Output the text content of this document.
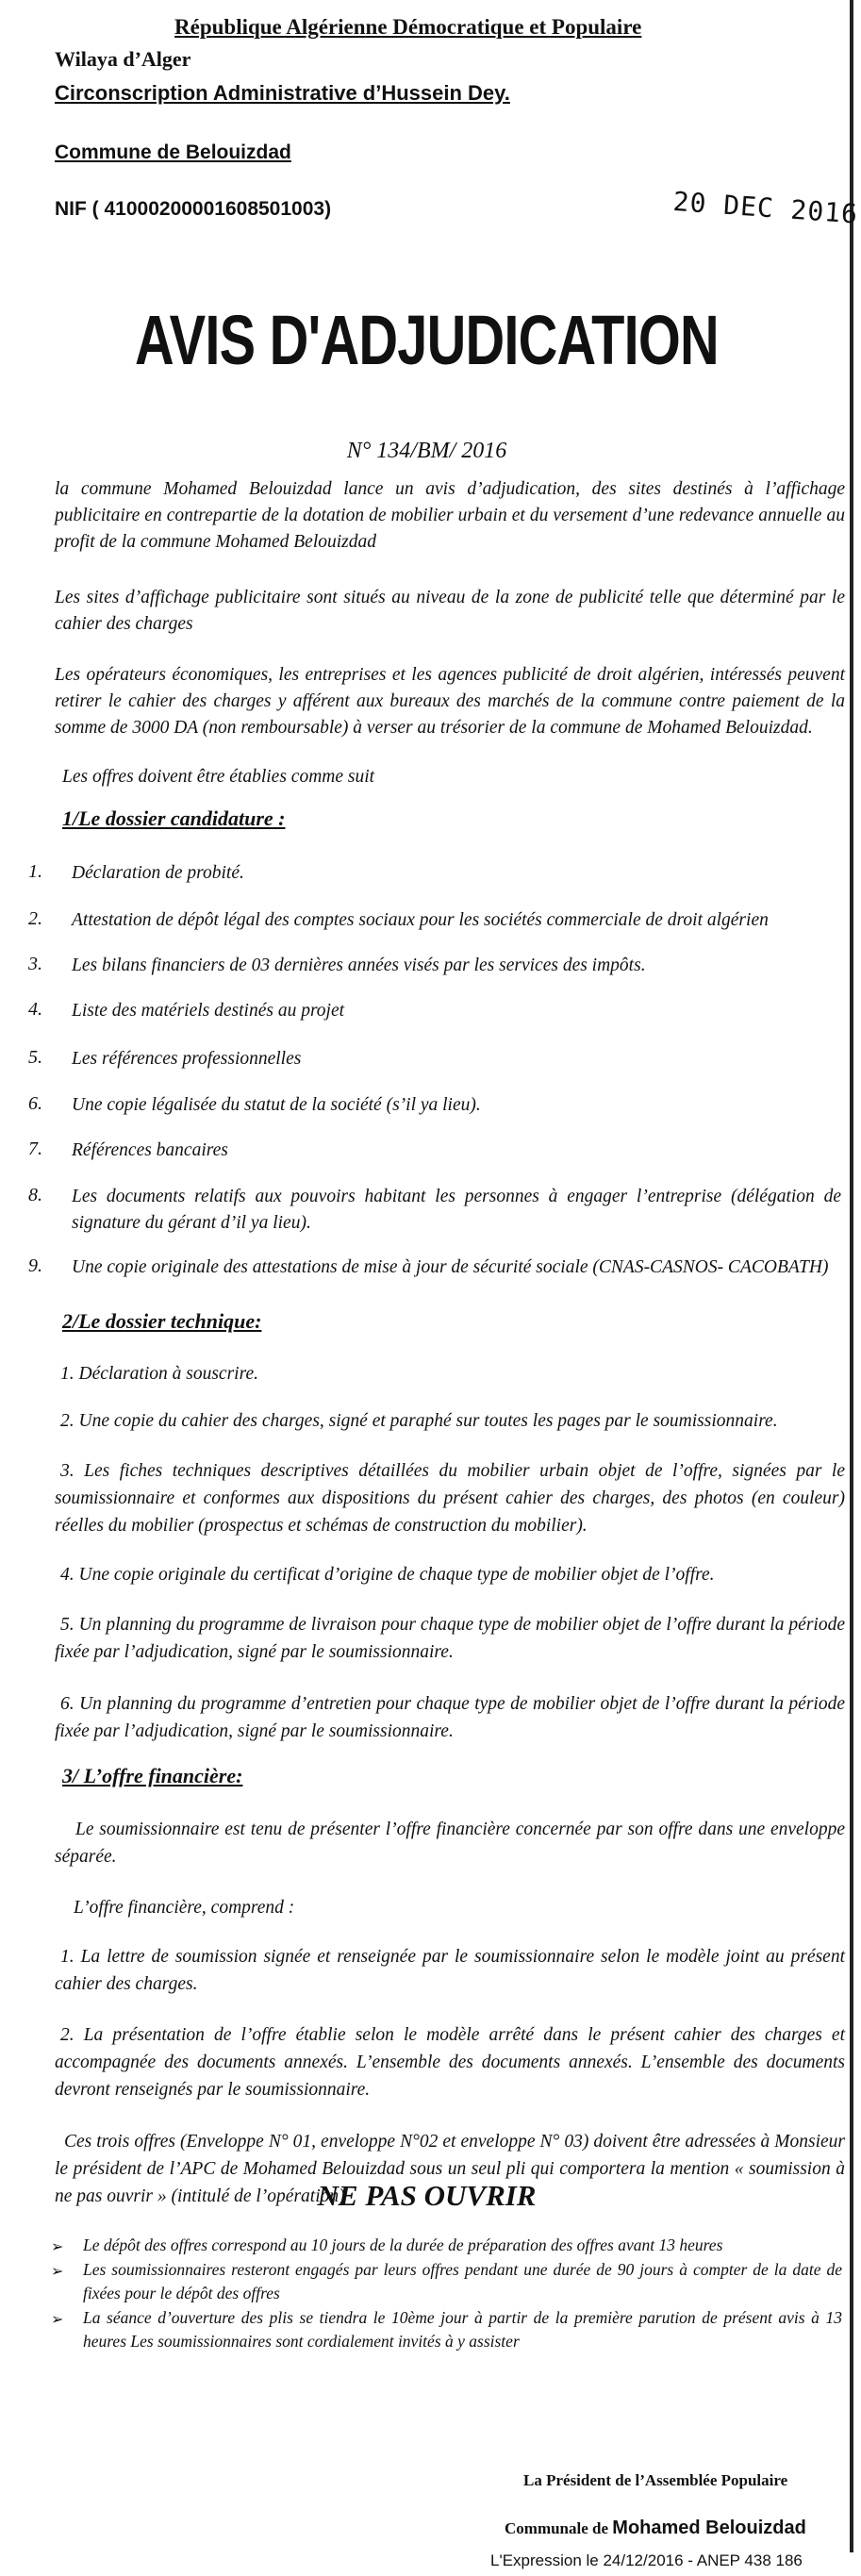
République Algérienne Démocratique et Populaire
Wilaya d’Alger
Circonscription Administrative d’Hussein Dey.
Commune de Belouizdad
NIF ( 41000200001608501003)	20 DEC 2016
AVIS D'ADJUDICATION
N° 134/BM/ 2016
la commune Mohamed Belouizdad lance un avis d’adjudication, des sites destinés à l’affichage publicitaire en contrepartie de la dotation de mobilier urbain et du versement d’une redevance annuelle au profit de la commune Mohamed Belouizdad
Les sites d’affichage publicitaire sont situés au niveau de la zone de publicité telle que déterminé par le cahier des charges
Les opérateurs économiques, les entreprises et les agences publicité de droit algérien, intéressés peuvent retirer le cahier des charges y afférent aux bureaux des marchés de la commune contre paiement de la somme de 3000 DA (non remboursable) à verser au trésorier de la commune de Mohamed Belouizdad.
Les offres doivent être établies comme suit
1/Le dossier candidature :
1. Déclaration de probité.
2. Attestation de dépôt légal des comptes sociaux pour les sociétés commerciale de droit algérien
3. Les bilans financiers de 03 dernières années visés par les services des impôts.
4. Liste des matériels destinés au projet
5. Les références professionnelles
6. Une copie légalisée du statut de la société (s’il ya lieu).
7. Références bancaires
8. Les documents relatifs aux pouvoirs habitant les personnes à engager l’entreprise (délégation de signature du gérant d’il ya lieu).
9. Une copie originale des attestations de mise à jour de sécurité sociale (CNAS-CASNOS- CACOBATH)
2/Le dossier technique:
1. Déclaration à souscrire.
2. Une copie du cahier des charges, signé et paraphé sur toutes les pages par le soumissionnaire.
3. Les fiches techniques descriptives détaillées du mobilier urbain objet de l’offre, signées par le soumissionnaire et conformes aux dispositions du présent cahier des charges, des photos (en couleur) réelles du mobilier (prospectus et schémas de construction du mobilier).
4. Une copie originale du certificat d’origine de chaque type de mobilier objet de l’offre.
5. Un planning du programme de livraison pour chaque type de mobilier objet de l’offre durant la période fixée par l’adjudication, signé par le soumissionnaire.
6. Un planning du programme d’entretien pour chaque type de mobilier objet de l’offre durant la période fixée par l’adjudication, signé par le soumissionnaire.
3/ L’offre financière:
Le soumissionnaire est tenu de présenter l’offre financière concernée par son offre dans une enveloppe séparée.
L’offre financière, comprend :
1. La lettre de soumission signée et renseignée par le soumissionnaire selon le modèle joint au présent cahier des charges.
2. La présentation de l’offre établie selon le modèle arrêté dans le présent cahier des charges et accompagnée des documents annexés. L’ensemble des documents annexés. L’ensemble des documents devront renseignés par le soumissionnaire.
Ces trois offres (Enveloppe N° 01, enveloppe N°02 et enveloppe N° 03) doivent être adressées à Monsieur le président de l’APC de Mohamed Belouizdad sous un seul pli qui comportera la mention « soumission à ne pas ouvrir » (intitulé de l’opération)
NE PAS OUVRIR
➢ Le dépôt des offres correspond au 10 jours de la durée de préparation des offres avant 13 heures
➢ Les soumissionnaires resteront engagés par leurs offres pendant une durée de 90 jours à compter de la date de fixées pour le dépôt des offres
➢ La séance d’ouverture des plis se tiendra le 10ème jour à partir de la première parution de présent avis à 13 heures Les soumissionnaires sont cordialement invités à y assister
La Président de l’Assemblée Populaire
Communale de Mohamed Belouizdad
L'Expression le 24/12/2016 - ANEP 438 186
